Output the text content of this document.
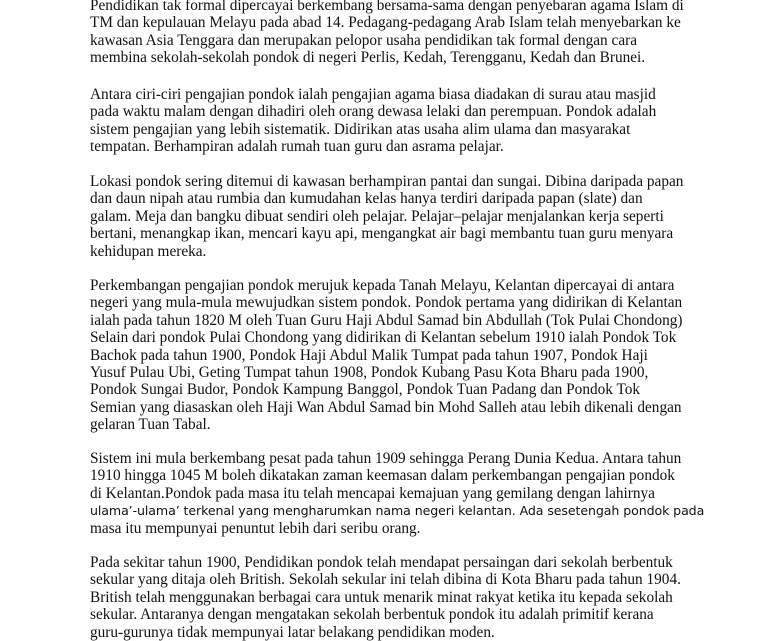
Pendidikan tak formal dipercayai berkembang bersama-sama dengan penyebaran agama Islam di
TM dan kepulauan Melayu pada abad 14. Pedagang-pedagang Arab Islam telah menyebarkan ke
kawasan Asia Tenggara dan merupakan pelopor usaha pendidikan tak formal dengan cara
membina sekolah-sekolah pondok di negeri Perlis, Kedah, Terengganu, Kedah dan Brunei.

Antara ciri-ciri pengajian pondok ialah pengajian agama biasa diadakan di surau atau masjid
pada waktu malam dengan dihadiri oleh orang dewasa lelaki dan perempuan. Pondok adalah
sistem pengajian yang lebih sistematik. Didirikan atas usaha alim ulama dan masyarakat
tempatan. Berhampiran adalah rumah tuan guru dan asrama pelajar.

Lokasi pondok sering ditemui di kawasan berhampiran pantai dan sungai. Dibina daripada papan
dan daun nipah atau rumbia dan kumudahan kelas hanya terdiri daripada papan (slate) dan
galam. Meja dan bangku dibuat sendiri oleh pelajar. Pelajar–pelajar menjalankan kerja seperti
bertani, menangkap ikan, mencari kayu api, mengangkat air bagi membantu tuan guru menyara
kehidupan mereka.

Perkembangan pengajian pondok merujuk kepada Tanah Melayu, Kelantan dipercayai di antara
negeri yang mula-mula mewujudkan sistem pondok. Pondok pertama yang didirikan di Kelantan
ialah pada tahun 1820 M oleh Tuan Guru Haji Abdul Samad bin Abdullah (Tok Pulai Chondong)
Selain dari pondok Pulai Chondong yang didirikan di Kelantan sebelum 1910 ialah Pondok Tok
Bachok pada tahun 1900, Pondok Haji Abdul Malik Tumpat pada tahun 1907, Pondok Haji
Yusuf Pulau Ubi, Geting Tumpat tahun 1908, Pondok Kubang Pasu Kota Bharu pada 1900,
Pondok Sungai Budor, Pondok Kampung Banggol, Pondok Tuan Padang dan Pondok Tok
Semian yang diasaskan oleh Haji Wan Abdul Samad bin Mohd Salleh atau lebih dikenali dengan
gelaran Tuan Tabal.

Sistem ini mula berkembang pesat pada tahun 1909 sehingga Perang Dunia Kedua. Antara tahun
1910 hingga 1045 M boleh dikatakan zaman keemasan dalam perkembangan pengajian pondok
di Kelantan.Pondok pada masa itu telah mencapai kemajuan yang gemilang dengan lahirnya
ulama’-ulama’ terkenal yang mengharumkan nama negeri kelantan. Ada sesetengah pondok pada
masa itu mempunyai penuntut lebih dari seribu orang.

Pada sekitar tahun 1900, Pendidikan pondok telah mendapat persaingan dari sekolah berbentuk
sekular yang ditaja oleh British. Sekolah sekular ini telah dibina di Kota Bharu pada tahun 1904.
British telah menggunakan berbagai cara untuk menarik minat rakyat ketika itu kepada sekolah
sekular. Antaranya dengan mengatakan sekolah berbentuk pondok itu adalah primitif kerana
guru-gurunya tidak mempunyai latar belakang pendidikan moden.
